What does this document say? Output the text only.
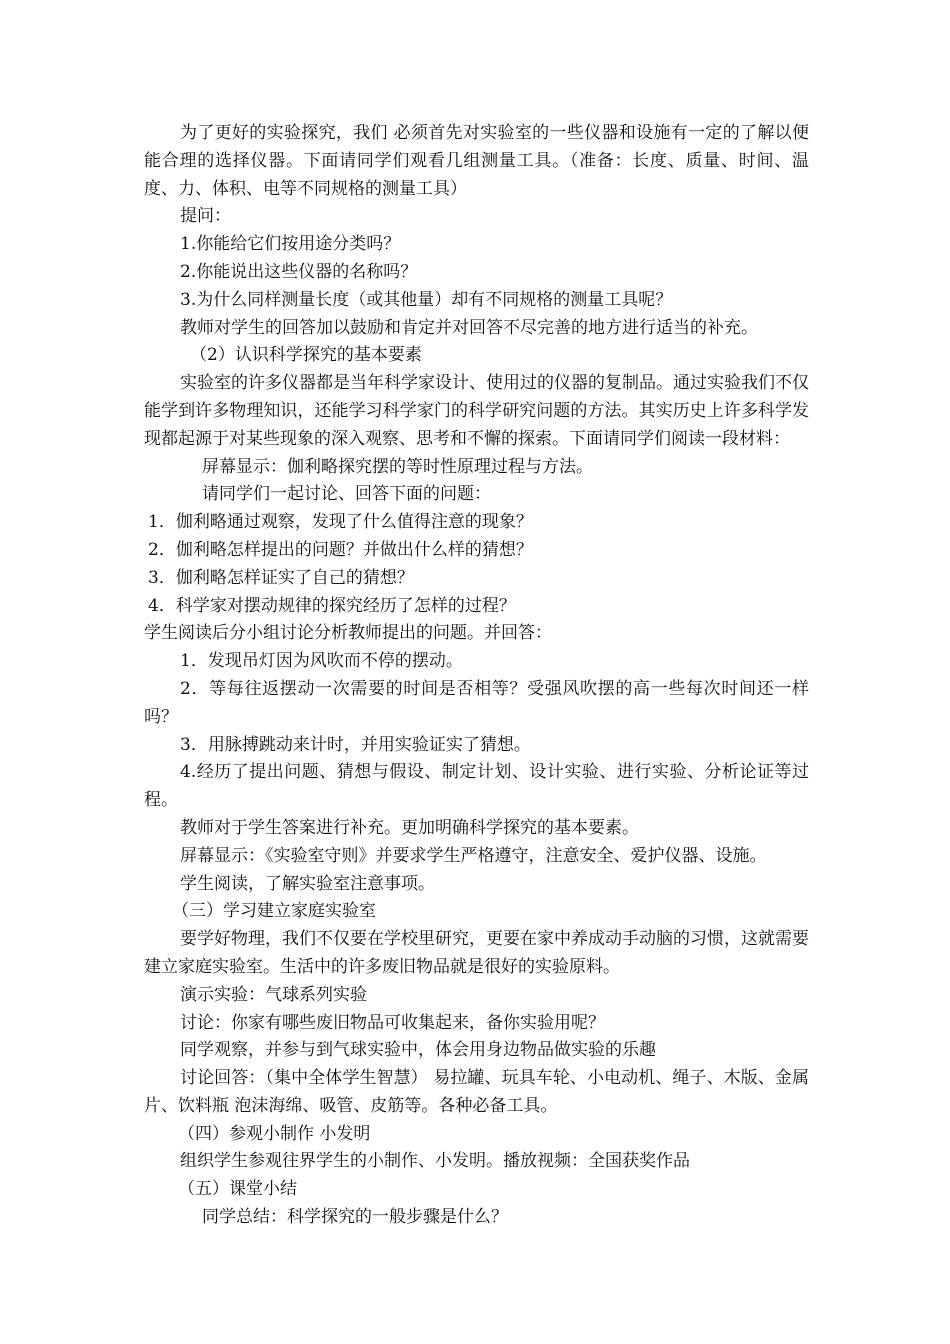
为了更好的实验探究，我们 必须首先对实验室的一些仪器和设施有一定的了解以便能合理的选择仪器。下面请同学们观看几组测量工具。（准备：长度、质量、时间、温度、力、体积、电等不同规格的测量工具）

提问：

1.你能给它们按用途分类吗？

2.你能说出这些仪器的名称吗？

3.为什么同样测量长度（或其他量）却有不同规格的测量工具呢？

教师对学生的回答加以鼓励和肯定并对回答不尽完善的地方进行适当的补充。

（2）认识科学探究的基本要素

实验室的许多仪器都是当年科学家设计、使用过的仪器的复制品。通过实验我们不仅能学到许多物理知识，还能学习科学家门的科学研究问题的方法。其实历史上许多科学发现都起源于对某些现象的深入观察、思考和不懈的探索。下面请同学们阅读一段材料：

屏幕显示：伽利略探究摆的等时性原理过程与方法。

请同学们一起讨论、回答下面的问题：

1．伽利略通过观察，发现了什么值得注意的现象？

2．伽利略怎样提出的问题？并做出什么样的猜想？

3．伽利略怎样证实了自己的猜想？

4．科学家对摆动规律的探究经历了怎样的过程？

学生阅读后分小组讨论分析教师提出的问题。并回答：

1．发现吊灯因为风吹而不停的摆动。

2．等每往返摆动一次需要的时间是否相等？受强风吹摆的高一些每次时间还一样吗？

3．用脉搏跳动来计时，并用实验证实了猜想。

4.经历了提出问题、猜想与假设、制定计划、设计实验、进行实验、分析论证等过程。

教师对于学生答案进行补充。更加明确科学探究的基本要素。

屏幕显示：《实验室守则》并要求学生严格遵守，注意安全、爱护仪器、设施。

学生阅读，了解实验室注意事项。

（三）学习建立家庭实验室

要学好物理，我们不仅要在学校里研究，更要在家中养成动手动脑的习惯，这就需要建立家庭实验室。生活中的许多废旧物品就是很好的实验原料。

演示实验：气球系列实验

讨论：你家有哪些废旧物品可收集起来，备你实验用呢？

同学观察，并参与到气球实验中，体会用身边物品做实验的乐趣

讨论回答：（集中全体学生智慧） 易拉罐、玩具车轮、小电动机、绳子、木版、金属片、饮料瓶 泡沫海绵、吸管、皮筋等。各种必备工具。

（四）参观小制作 小发明

组织学生参观往界学生的小制作、小发明。播放视频：全国获奖作品

（五）课堂小结

同学总结：科学探究的一般步骤是什么？
